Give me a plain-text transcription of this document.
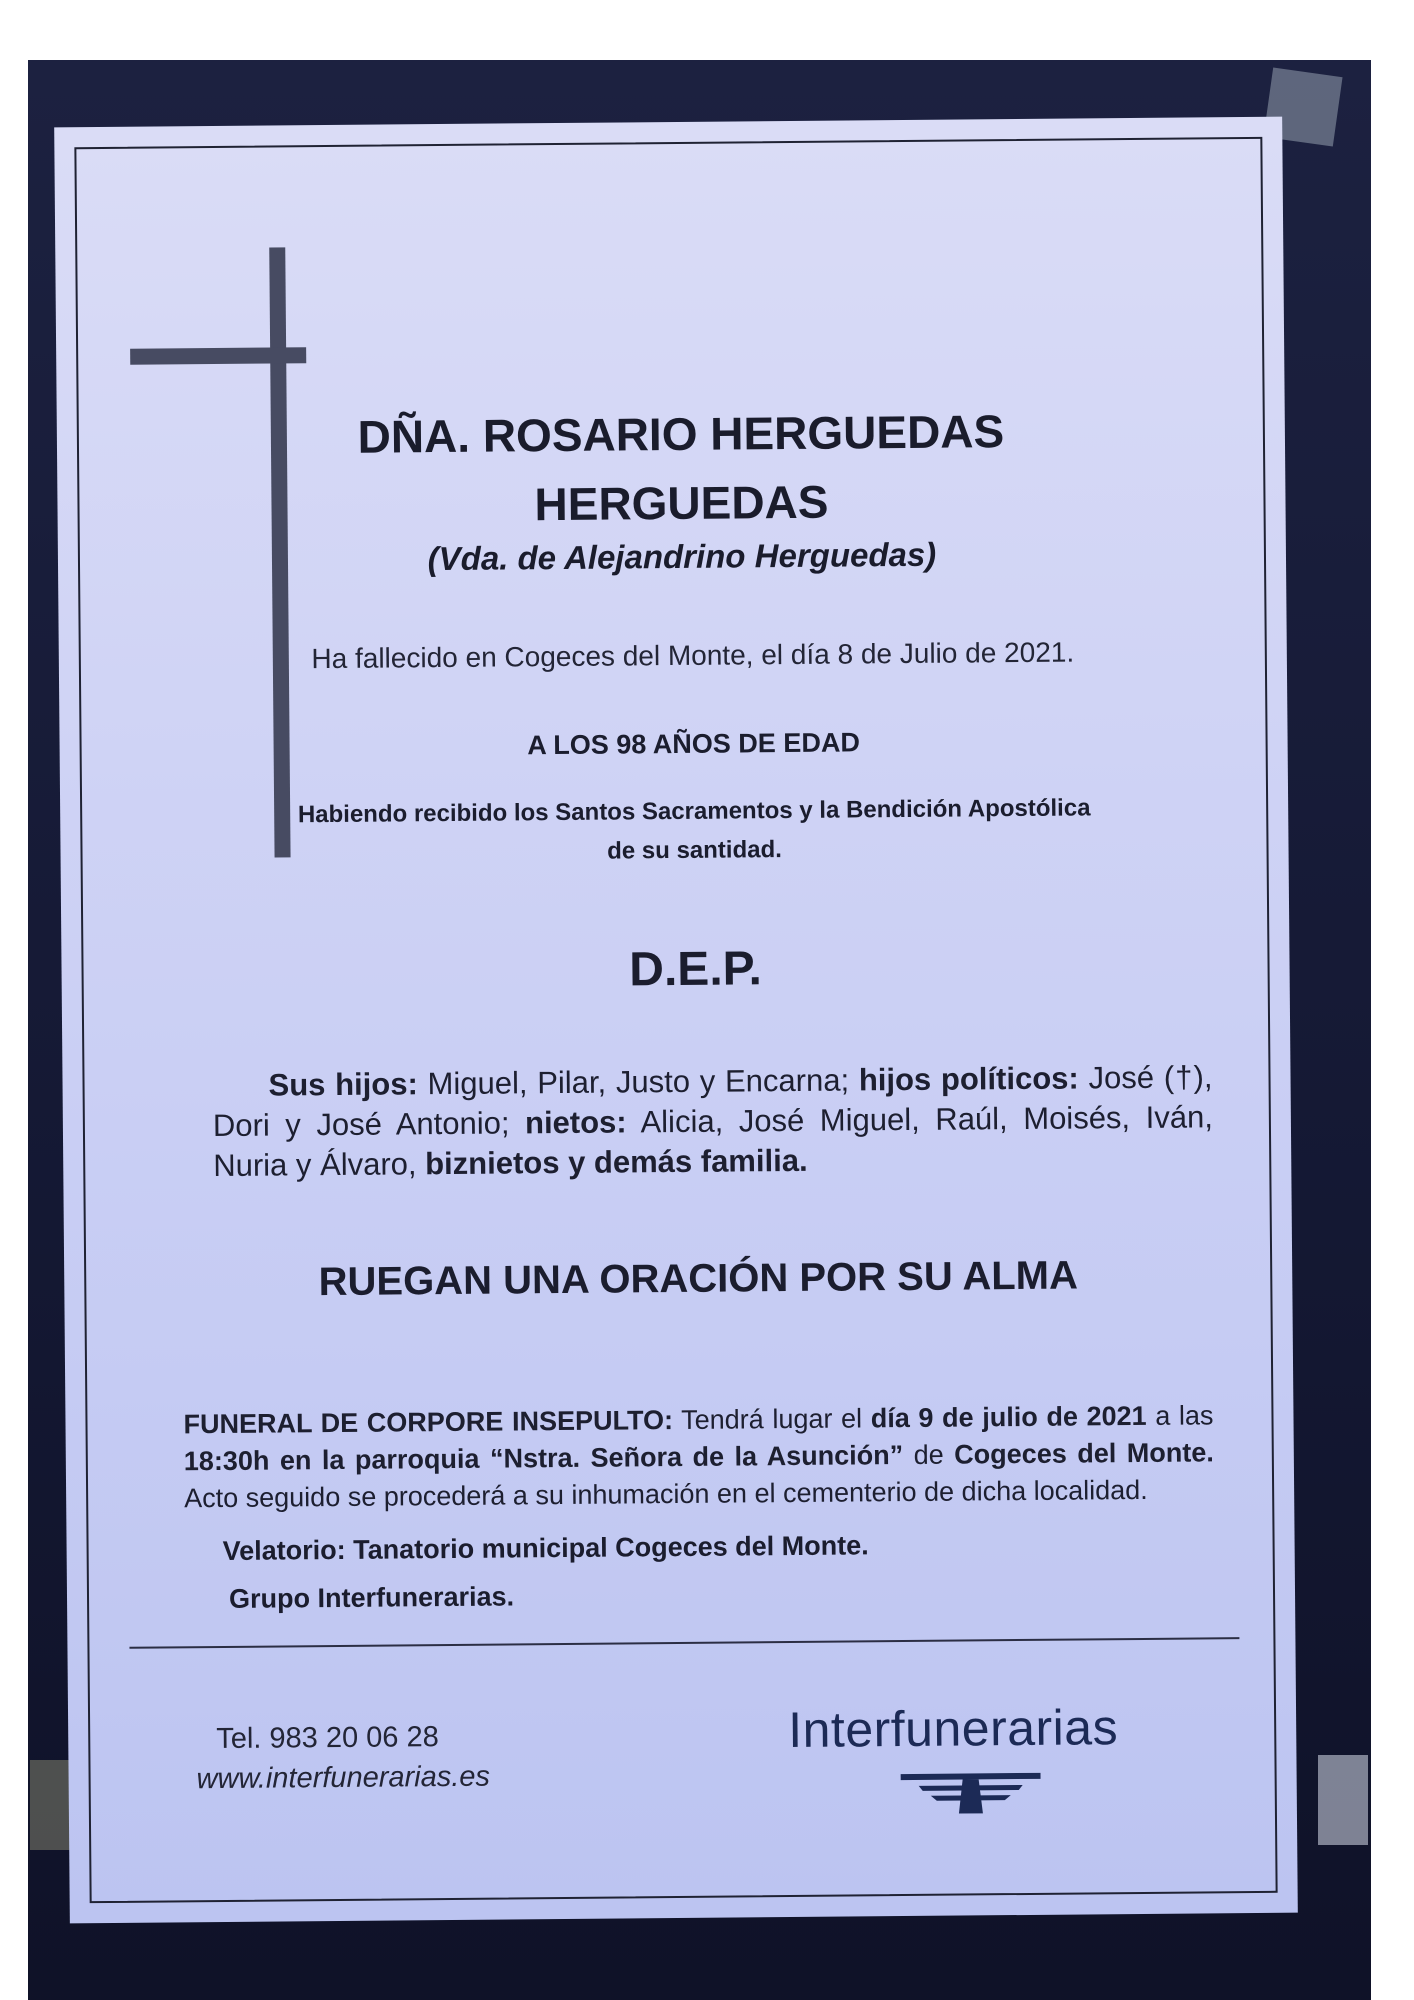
DÑA. ROSARIO HERGUEDAS
HERGUEDAS
(Vda. de Alejandrino Herguedas)
Ha fallecido en Cogeces del Monte, el día 8 de Julio de 2021.
A LOS 98 AÑOS DE EDAD
Habiendo recibido los Santos Sacramentos y la Bendición Apostólica
de su santidad.
D.E.P.
Sus hijos: Miguel, Pilar, Justo y Encarna; hijos políticos: José (†), Dori y José Antonio; nietos: Alicia, José Miguel, Raúl, Moisés, Iván, Nuria y Álvaro, biznietos y demás familia.
RUEGAN UNA ORACIÓN POR SU ALMA
FUNERAL DE CORPORE INSEPULTO: Tendrá lugar el día 9 de julio de 2021 a las 18:30h en la parroquia “Nstra. Señora de la Asunción” de Cogeces del Monte. Acto seguido se procederá a su inhumación en el cementerio de dicha localidad.
Velatorio: Tanatorio municipal Cogeces del Monte.
Grupo Interfunerarias.
Tel. 983 20 06 28
www.interfunerarias.es
Interfunerarias
